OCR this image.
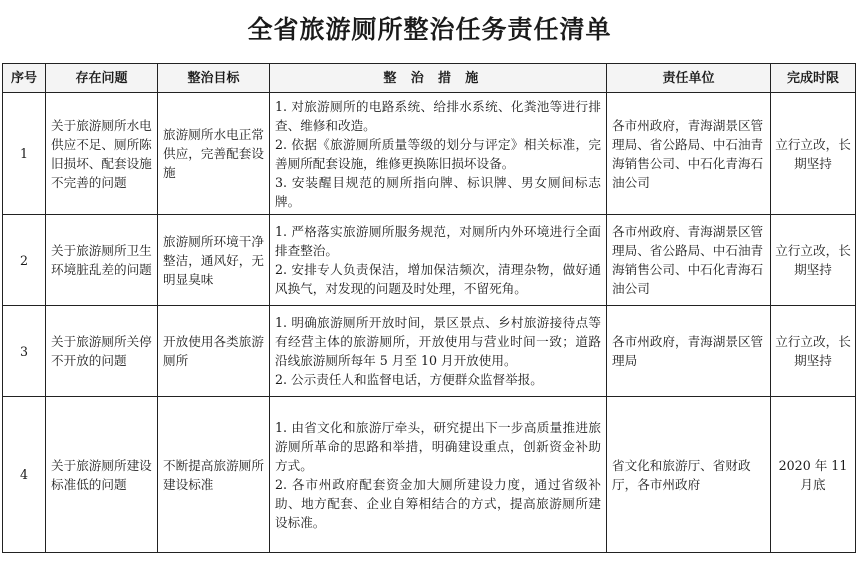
全省旅游厕所整治任务责任清单
序号	存在问题	整治目标	整治措施	责任单位	完成时限
1	关于旅游厕所水电供应不足、厕所陈旧损坏、配套设施不完善的问题	旅游厕所水电正常供应，完善配套设施	1. 对旅游厕所的电路系统、给排水系统、化粪池等进行排查、维修和改造。
2. 依据《旅游厕所质量等级的划分与评定》相关标准，完善厕所配套设施，维修更换陈旧损坏设备。
3. 安装醒目规范的厕所指向牌、标识牌、男女厕间标志牌。	各市州政府，青海湖景区管理局、省公路局、中石油青海销售公司、中石化青海石油公司	立行立改，长期坚持
2	关于旅游厕所卫生环境脏乱差的问题	旅游厕所环境干净整洁，通风好，无明显臭味	1. 严格落实旅游厕所服务规范，对厕所内外环境进行全面排查整治。
2. 安排专人负责保洁，增加保洁频次，清理杂物，做好通风换气，对发现的问题及时处理，不留死角。	各市州政府、青海湖景区管理局、省公路局、中石油青海销售公司、中石化青海石油公司	立行立改，长期坚持
3	关于旅游厕所关停不开放的问题	开放使用各类旅游厕所	1. 明确旅游厕所开放时间，景区景点、乡村旅游接待点等有经营主体的旅游厕所，开放使用与营业时间一致；道路沿线旅游厕所每年 5 月至 10 月开放使用。
2. 公示责任人和监督电话，方便群众监督举报。	各市州政府，青海湖景区管理局	立行立改，长期坚持
4	关于旅游厕所建设标准低的问题	不断提高旅游厕所建设标准	1. 由省文化和旅游厅牵头，研究提出下一步高质量推进旅游厕所革命的思路和举措，明确建设重点，创新资金补助方式。
2. 各市州政府配套资金加大厕所建设力度，通过省级补助、地方配套、企业自筹相结合的方式，提高旅游厕所建设标准。	省文化和旅游厅、省财政厅，各市州政府	2020 年 11 月底
